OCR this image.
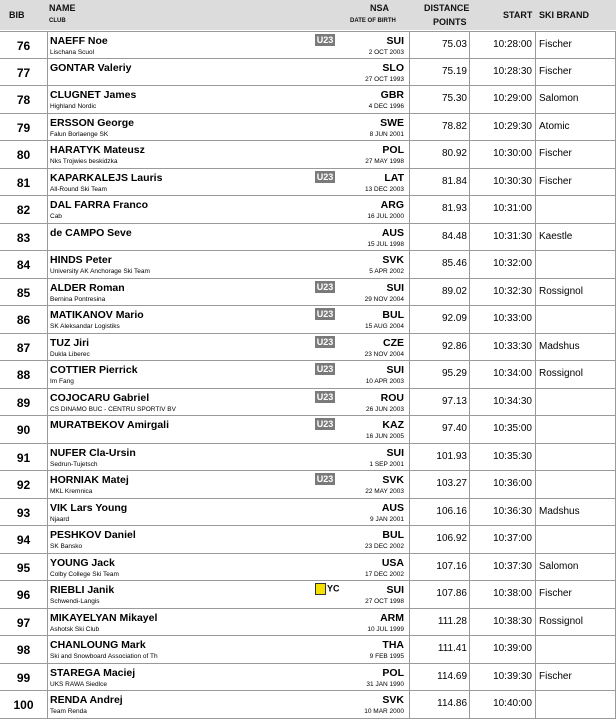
BIB
NAME
CLUB
NSA
DATE OF BIRTH
DISTANCE
POINTS
START SKI BRAND
76	NAEFF Noe
Lischana Scuol
U23	SUI
2 OCT 2003
75.03	10:28:00 Fischer
77	GONTAR Valeriy	SLO
27 OCT 1993
75.19	10:28:30 Fischer
78	CLUGNET James
Highland Nordic
GBR
4 DEC 1996
75.30	10:29:00 Salomon
79	ERSSON George
Falun Borlaenge SK
SWE
8 JUN 2001
78.82	10:29:30 Atomic
80	HARATYK Mateusz
Nks Trojwies beskidzka
POL
27 MAY 1998
80.92	10:30:00 Fischer
81	KAPARKALEJS Lauris
All-Round Ski Team
U23	LAT
13 DEC 2003
81.84	10:30:30 Fischer
82	DAL FARRA Franco
Cab
ARG
16 JUL 2000
81.93	10:31:00
83	de CAMPO Seve	AUS
15 JUL 1998
84.48	10:31:30 Kaestle
84	HINDS Peter
University AK Anchorage Ski Team
SVK
5 APR 2002
85.46	10:32:00
85	ALDER Roman
Bernina Pontresina
U23	SUI
29 NOV 2004
89.02	10:32:30 Rossignol
86	MATIKANOV Mario
SK Aleksandar Logistiks
U23	BUL
15 AUG 2004
92.09	10:33:00
87	TUZ Jiri
Dukla Liberec
U23	CZE
23 NOV 2004
92.86	10:33:30 Madshus
88	COTTIER Pierrick
Im Fang
U23	SUI
10 APR 2003
95.29	10:34:00 Rossignol
89	COJOCARU Gabriel
CS DINAMO BUC - CENTRU SPORTIV BV
U23	ROU
26 JUN 2003
97.13	10:34:30
90	MURATBEKOV Amirgali	U23	KAZ
16 JUN 2005
97.40	10:35:00
91	NUFER Cla-Ursin
Sedrun-Tujetsch
SUI
1 SEP 2001
101.93	10:35:30
92	HORNIAK Matej
MKL Kremnica
U23	SVK
22 MAY 2003
103.27	10:36:00
93	VIK Lars Young
Njaard
AUS
9 JAN 2001
106.16	10:36:30 Madshus
94	PESHKOV Daniel
SK Bansko
BUL
23 DEC 2002
106.92	10:37:00
95	YOUNG Jack
Colby College Ski Team
USA
17 DEC 2002
107.16	10:37:30 Salomon
96	RIEBLI Janik
Schwendi-Langis
YC	SUI
27 OCT 1998
107.86	10:38:00 Fischer
97	MIKAYELYAN Mikayel
Ashotsk Ski Club
ARM
10 JUL 1999
111.28	10:38:30 Rossignol
98	CHANLOUNG Mark
Ski and Snowboard Association of Th
THA
9 FEB 1995
111.41	10:39:00
99	STAREGA Maciej
UKS RAWA Siedlce
POL
31 JAN 1990
114.69	10:39:30 Fischer
100	RENDA Andrej
Team Renda
SVK
10 MAR 2000
114.86	10:40:00
